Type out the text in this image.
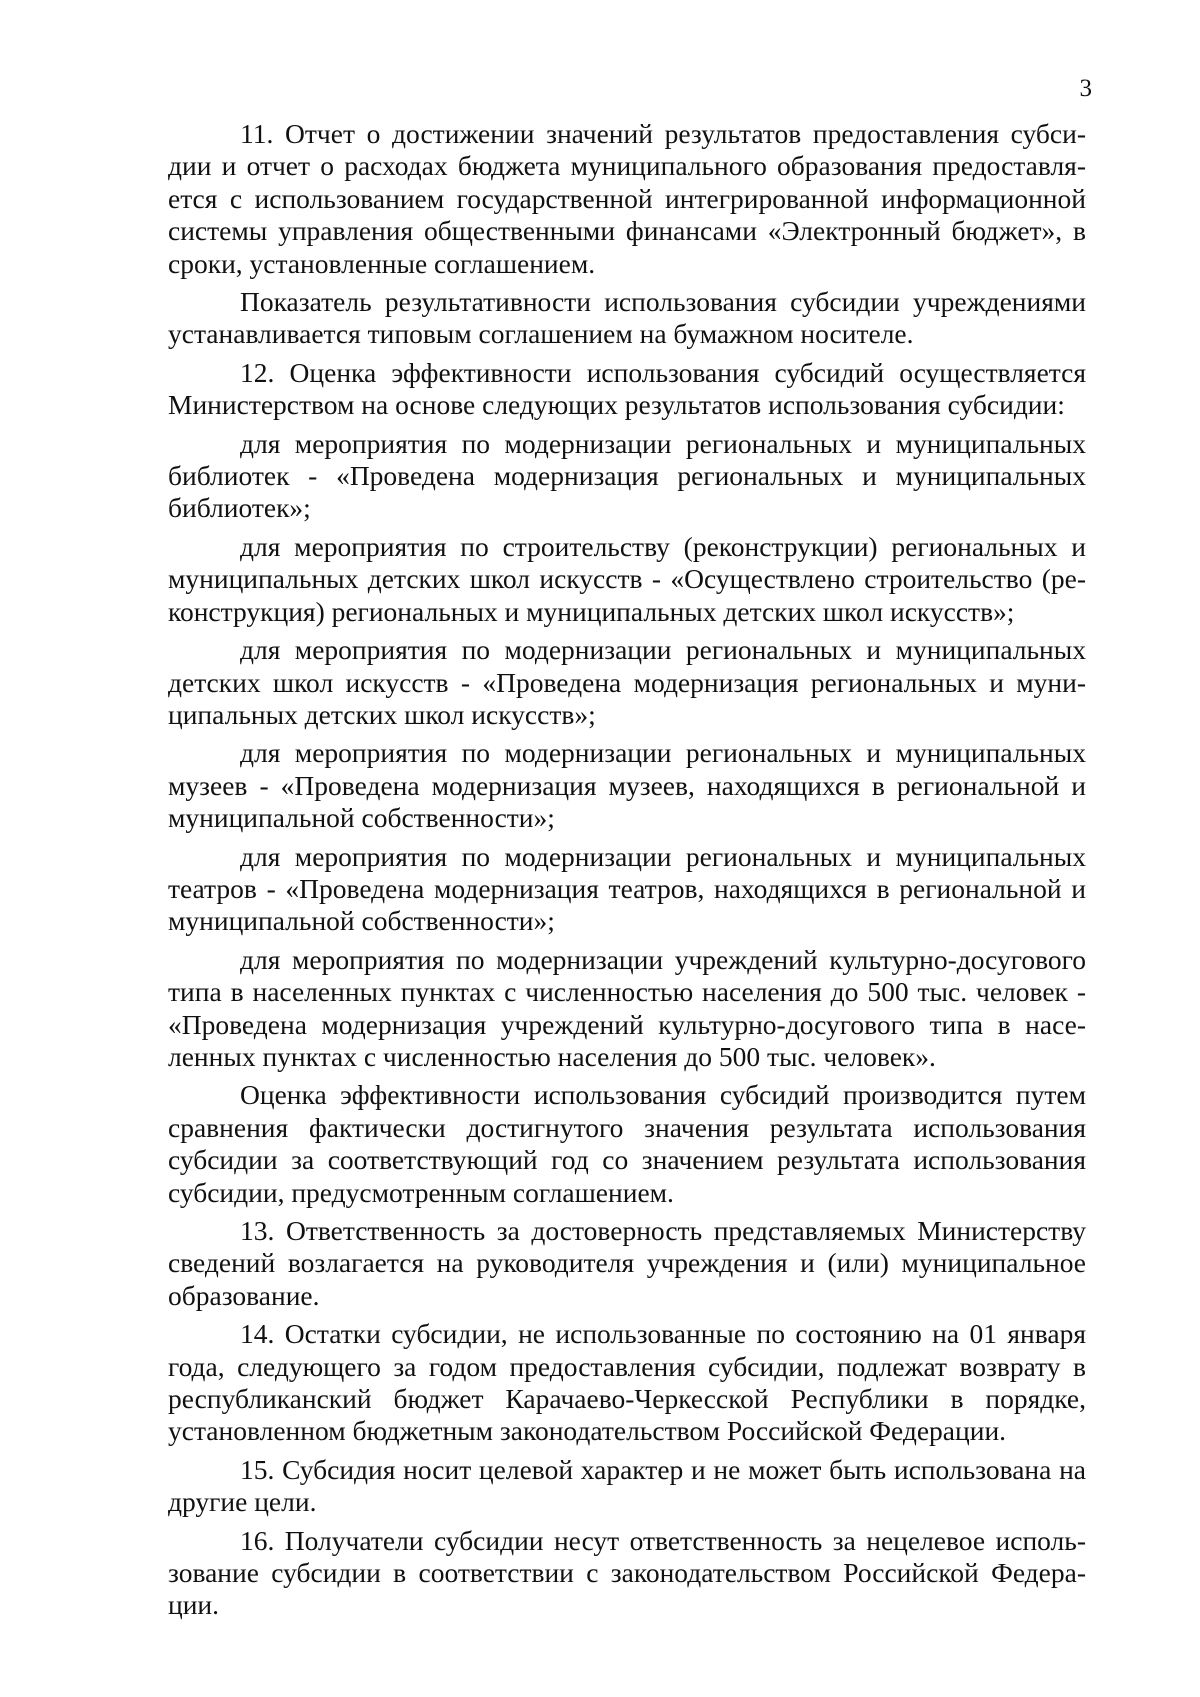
3

11. Отчет о достижении значений результатов предоставления субсидии и отчет о расходах бюджета муниципального образования предоставляется с использованием государственной интегрированной информационной системы управления общественными финансами «Электронный бюджет», в сроки, установленные соглашением.

Показатель результативности использования субсидии учреждениями устанавливается типовым соглашением на бумажном носителе.

12. Оценка эффективности использования субсидий осуществляется Министерством на основе следующих результатов использования субсидии:

для мероприятия по модернизации региональных и муниципальных библиотек - «Проведена модернизация региональных и муниципальных библиотек»;

для мероприятия по строительству (реконструкции) региональных и муниципальных детских школ искусств - «Осуществлено строительство (реконструкция) региональных и муниципальных детских школ искусств»;

для мероприятия по модернизации региональных и муниципальных детских школ искусств - «Проведена модернизация региональных и муниципальных детских школ искусств»;

для мероприятия по модернизации региональных и муниципальных музеев - «Проведена модернизация музеев, находящихся в региональной и муниципальной собственности»;

для мероприятия по модернизации региональных и муниципальных театров - «Проведена модернизация театров, находящихся в региональной и муниципальной собственности»;

для мероприятия по модернизации учреждений культурно-досугового типа в населенных пунктах с численностью населения до 500 тыс. человек - «Проведена модернизация учреждений культурно-досугового типа в населенных пунктах с численностью населения до 500 тыс. человек».

Оценка эффективности использования субсидий производится путем сравнения фактически достигнутого значения результата использования субсидии за соответствующий год со значением результата использования субсидии, предусмотренным соглашением.

13. Ответственность за достоверность представляемых Министерству сведений возлагается на руководителя учреждения и (или) муниципальное образование.

14. Остатки субсидии, не использованные по состоянию на 01 января года, следующего за годом предоставления субсидии, подлежат возврату в республиканский бюджет Карачаево-Черкесской Республики в порядке, установленном бюджетным законодательством Российской Федерации.

15. Субсидия носит целевой характер и не может быть использована на другие цели.

16. Получатели субсидии несут ответственность за нецелевое использование субсидии в соответствии с законодательством Российской Федерации.
